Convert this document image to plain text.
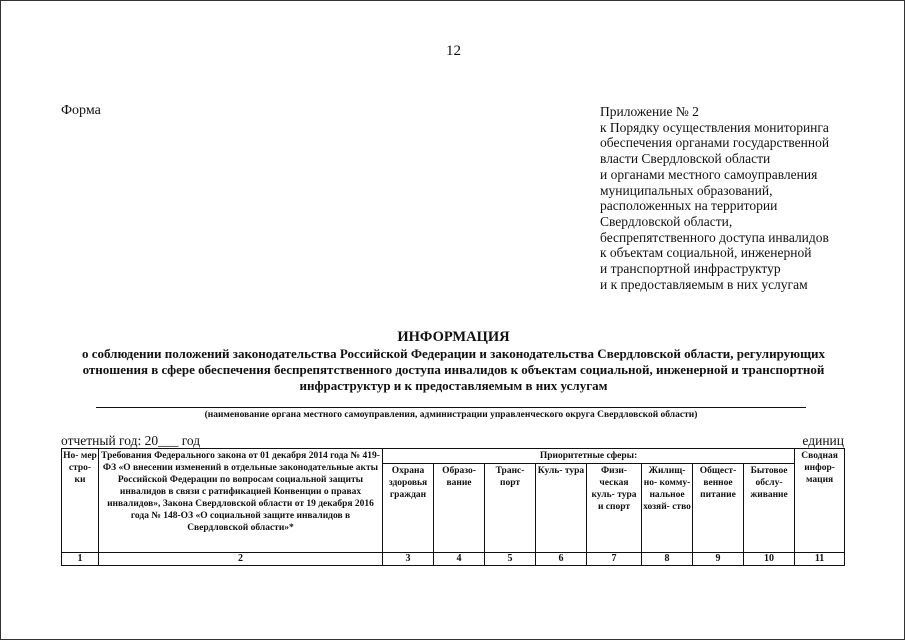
12
Форма	Приложение № 2
к Порядку осуществления мониторинга
обеспечения органами государственной
власти Свердловской области
и органами местного самоуправления
муниципальных образований,
расположенных на территории
Свердловской области,
беспрепятственного доступа инвалидов
к объектам социальной, инженерной
и транспортной инфраструктур
и к предоставляемым в них услугам
ИНФОРМАЦИЯ
о соблюдении положений законодательства Российской Федерации и законодательства Свердловской области, регулирующих отношения в сфере обеспечения беспрепятственного доступа инвалидов к объектам социальной, инженерной и транспортной инфраструктур и к предоставляемым в них услугам
(наименование органа местного самоуправления, администрации управленческого округа Свердловской области)
отчетный год: 20___ год	единиц
Но- мер стро- ки	Требования Федерального закона от 01 декабря 2014 года № 419-ФЗ «О внесении изменений в отдельные законодательные акты Российской Федерации по вопросам социальной защиты инвалидов в связи с ратификацией Конвенции о правах инвалидов», Закона Свердловской области от 19 декабря 2016 года № 148-ОЗ «О социальной защите инвалидов в Свердловской области»*	Приоритетные сферы:								Сводная инфор- мация
		Охрана здоровья граждан	Образо- вание	Транс- порт	Куль- тура	Физи- ческая куль- тура и спорт	Жилищ- но- комму- нальное хозяй- ство	Общест- венное питание	Бытовое обслу- живание	
1	2	3	4	5	6	7	8	9	10	11
